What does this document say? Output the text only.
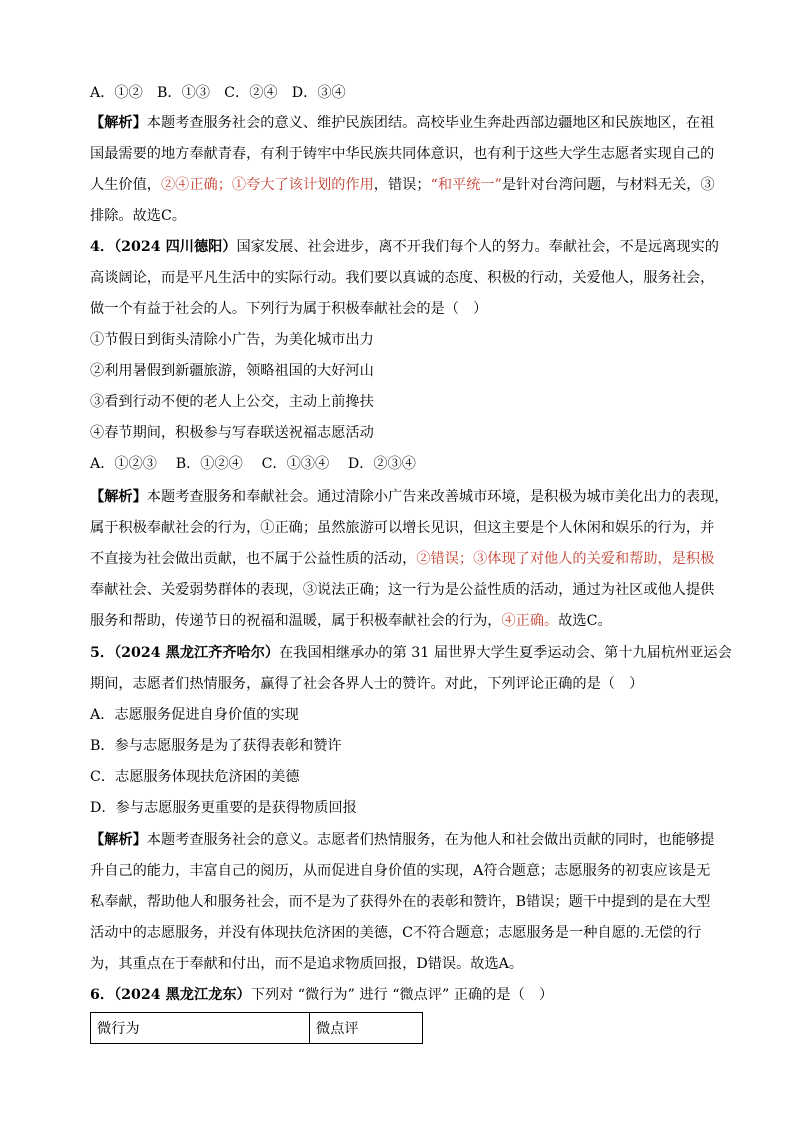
A．①②　B．①③　C．②④　D．③④
【解析】本题考查服务社会的意义、维护民族团结。高校毕业生奔赴西部边疆地区和民族地区，在祖
国最需要的地方奉献青春，有利于铸牢中华民族共同体意识，也有利于这些大学生志愿者实现自己的
人生价值，②④正确；①夸大了该计划的作用，错误；“和平统一”是针对台湾问题，与材料无关，③
排除。故选C。
4．（2024 四川德阳）国家发展、社会进步，离不开我们每个人的努力。奉献社会，不是远离现实的
高谈阔论，而是平凡生活中的实际行动。我们要以真诚的态度、积极的行动，关爱他人，服务社会，
做一个有益于社会的人。下列行为属于积极奉献社会的是（　）
①节假日到街头清除小广告，为美化城市出力
②利用暑假到新疆旅游，领略祖国的大好河山
③看到行动不便的老人上公交，主动上前搀扶
④春节期间，积极参与写春联送祝福志愿活动
A．①②③　 B．①②④　 C．①③④　 D．②③④
【解析】本题考查服务和奉献社会。通过清除小广告来改善城市环境，是积极为城市美化出力的表现，
属于积极奉献社会的行为，①正确；虽然旅游可以增长见识，但这主要是个人休闲和娱乐的行为，并
不直接为社会做出贡献，也不属于公益性质的活动，②错误；③体现了对他人的关爱和帮助，是积极
奉献社会、关爱弱势群体的表现，③说法正确；这一行为是公益性质的活动，通过为社区或他人提供
服务和帮助，传递节日的祝福和温暖，属于积极奉献社会的行为，④正确。故选C。
5．（2024 黑龙江齐齐哈尔）在我国相继承办的第 31 届世界大学生夏季运动会、第十九届杭州亚运会
期间，志愿者们热情服务，赢得了社会各界人士的赞许。对此，下列评论正确的是（　）
A．志愿服务促进自身价值的实现
B．参与志愿服务是为了获得表彰和赞许
C．志愿服务体现扶危济困的美德
D．参与志愿服务更重要的是获得物质回报
【解析】本题考查服务社会的意义。志愿者们热情服务，在为他人和社会做出贡献的同时，也能够提
升自己的能力，丰富自己的阅历，从而促进自身价值的实现，A符合题意；志愿服务的初衷应该是无
私奉献，帮助他人和服务社会，而不是为了获得外在的表彰和赞许，B错误；题干中提到的是在大型
活动中的志愿服务，并没有体现扶危济困的美德，C不符合题意；志愿服务是一种自愿的.无偿的行
为，其重点在于奉献和付出，而不是追求物质回报，D错误。故选A。
6．（2024 黑龙江龙东）下列对 “微行为” 进行 “微点评” 正确的是（　）
微行为	微点评
